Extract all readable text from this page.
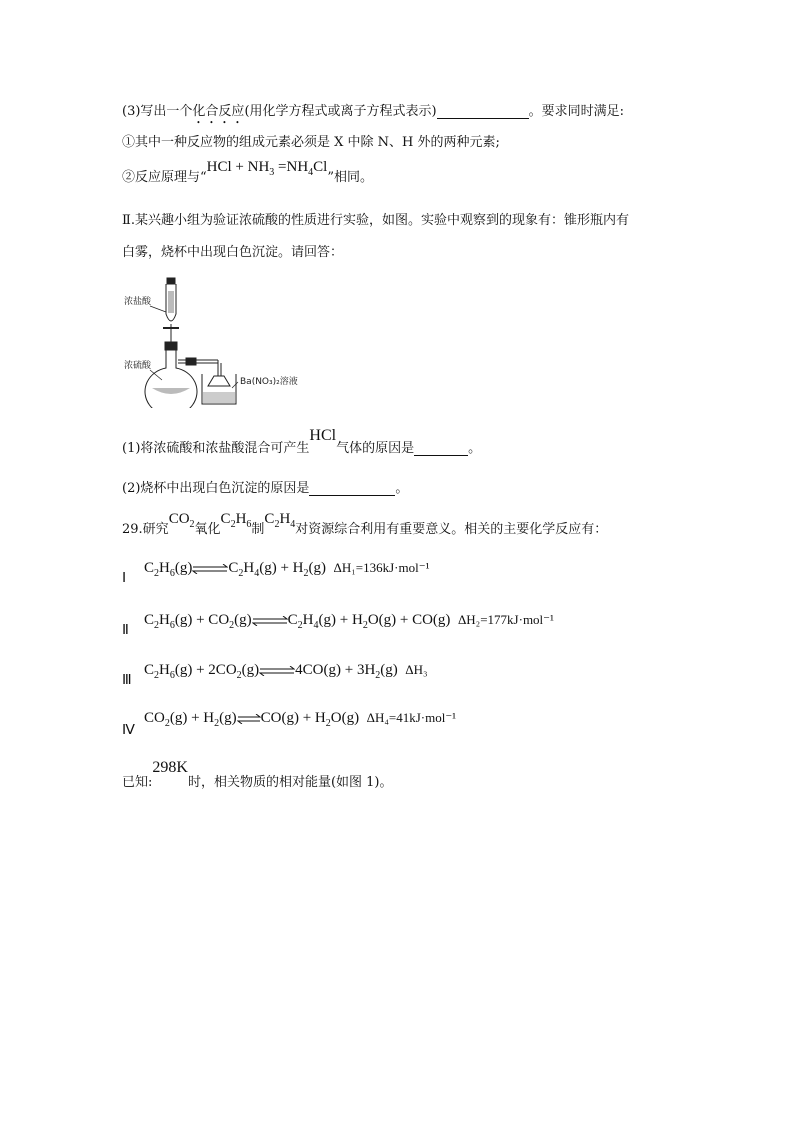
(3)写出一个化合反应(用化学方程式或离子方程式表示)	。要求同时满足:
①其中一种反应物的组成元素必须是 X 中除 N、H 外的两种元素;
②反应原理与“HCl + $NH_3 =NH_4Cl$”相同。
Ⅱ.某兴趣小组为验证浓硫酸的性质进行实验，如图。实验中观察到的现象有：锥形瓶内有
白雾，烧杯中出现白色沉淀。请回答：
浓盐酸
浓硫酸
Ba(NO₃)₂溶液
(1)将浓硫酸和浓盐酸混合可产生HCl气体的原因是	。
(2)烧杯中出现白色沉淀的原因是	。
29.研究$CO_2$氧化$C_2H_6$制$C_2H_4$对资源综合利用有重要意义。相关的主要化学反应有：
Ⅰ
$C_2H_6(g)\rightleftharpoons C_2H_4(g) + H_2(g)$  ΔH₁=136kJ·mol⁻¹
Ⅱ
$C_2H_6(g)$ + $CO_2(g)\rightleftharpoons C_2H_4(g) + H_2O(g) + CO(g)$  ΔH₂=177kJ·mol⁻¹
Ⅲ
$C_2H_6(g)$ + $2CO_2(g)\rightleftharpoons 4CO(g) + 3H_2(g)$  ΔH₃
Ⅳ
$CO_2(g)$ + $H_2(g)\rightleftharpoons CO(g) + H_2O(g)$  ΔH₄=41kJ·mol⁻¹
已知:298K时，相关物质的相对能量(如图 1)。
